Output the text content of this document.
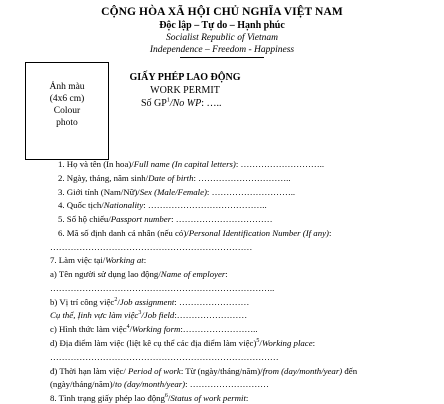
CỘNG HÒA XÃ HỘI CHỦ NGHĨA VIỆT NAM
Độc lập – Tự do – Hạnh phúc
Socialist Republic of Vietnam
Independence – Freedom - Happiness
Ảnh màu
(4x6 cm)
Colour
photo
GIẤY PHÉP LAO ĐỘNG
WORK PERMIT
Số $GP^1/No$ WP: …..
1. Họ và tên (In hoa)/Full name (In capital letters): ………………………..
2. Ngày, tháng, năm sinh/Date of birth: …………………………..
3. Giới tính (Nam/Nữ)/Sex (Male/Female): ………………………..
4. Quốc tịch/Nationality: …………………………………..
5. Số hộ chiếu/Passport number: ……………………………
6. Mã số định danh cá nhân (nếu có)/Personal Identification Number (If any):
……………………………………………………………
7. Làm việc tại/Working at:
a) Tên người sử dụng lao động/Name of employer:
…………………………………………………………………..
b) Vị trí công việc$^2$/Job assignment: ……………………
Cụ thể, Ịinh vực làm việc$^3$/Job field:……………………
c) Hình thức làm việc$^4$/Working form:……………………..
d) Địa điểm làm việc (liệt kê cụ thể các địa điểm làm việc)$^5$/Working place:
……………………………………………………………………
đ) Thời hạn làm việc/ Period of work: Từ (ngày/tháng/năm)/from (day/month/year) đến
(ngày/tháng/năm)/to (day/month/year): ………………………
8. Tình trạng giấy phép lao động$^6$/Status of work permit:
